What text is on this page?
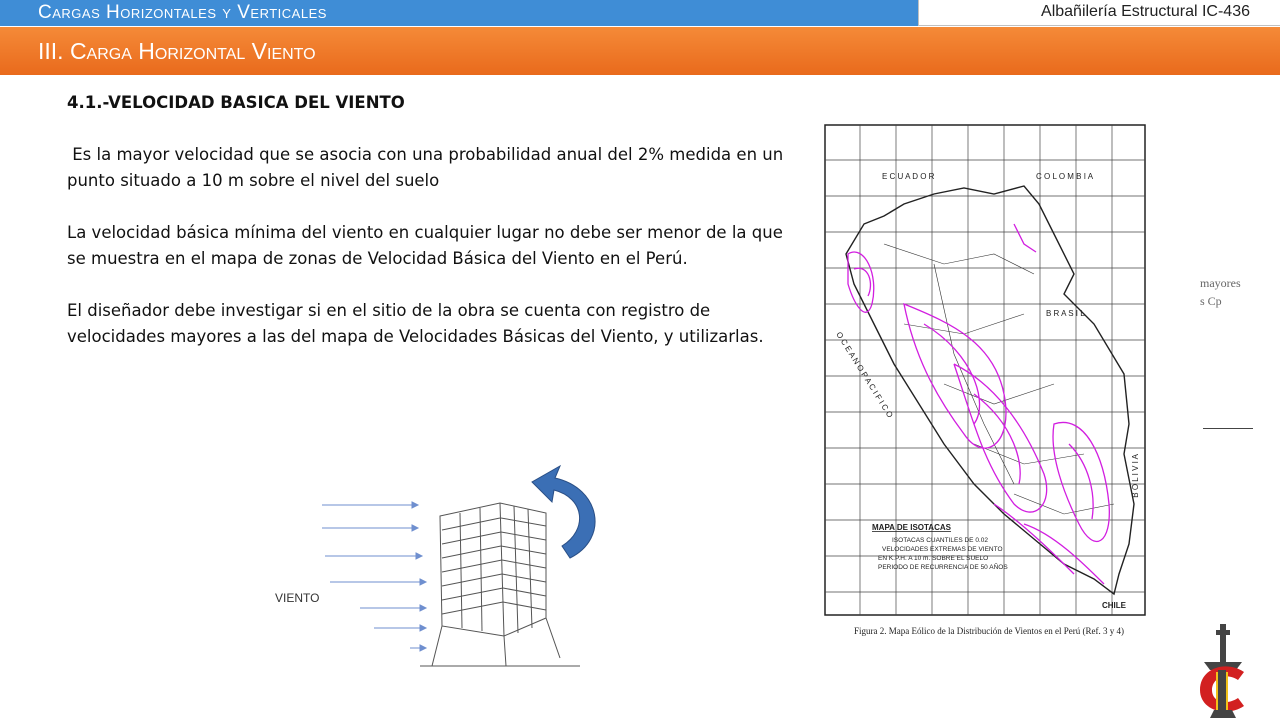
Cargas Horizontales y Verticales	Albañilería Estructural IC-436
III. Carga Horizontal Viento
4.1.-VELOCIDAD BASICA DEL VIENTO

Es la mayor velocidad que se asocia con una probabilidad anual del 2% medida en un punto situado a 10 m sobre el nivel del suelo

La velocidad básica mínima del viento en cualquier lugar no debe ser menor de la que se muestra en el mapa de zonas de Velocidad Básica del Viento en el Perú.

El diseñador debe investigar si en el sitio de la obra se cuenta con registro de velocidades mayores a las del mapa de Velocidades Básicas del Viento, y utilizarlas.

E C U A D O R	C O L O M B I A
B R A S I L
B O L I V I A
CHILE
O C E A N O P A C I F I C O
MAPA DE ISOTACAS
ISOTACAS CUANTILES DE 0.02
VELOCIDADES EXTREMAS DE VIENTO
EN K.P.H. A 10 m. SOBRE EL SUELO
PERIODO DE RECURRENCIA DE 50 AÑOS
Figura 2. Mapa Eólico de la Distribución de Vientos en el Perú (Ref. 3 y 4)
mayores
s Cp
VIENTO
